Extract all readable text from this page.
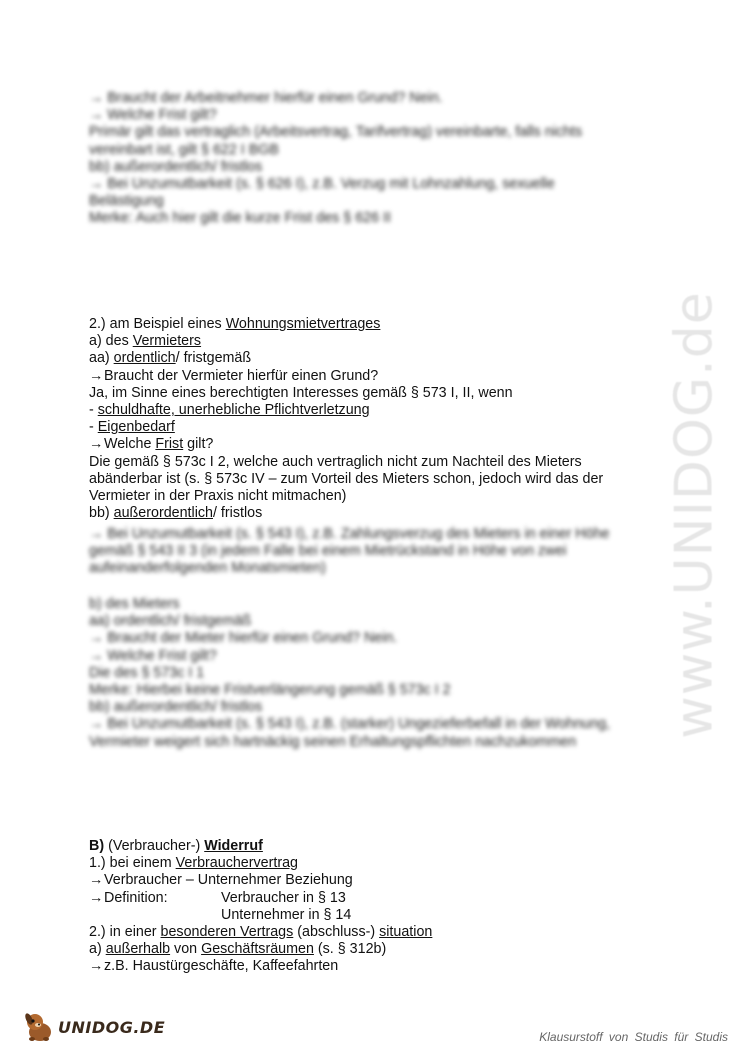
www.UNIDOG.de
→ Braucht der Arbeitnehmer hierfür einen Grund? Nein.
→ Welche Frist gilt?
Primär gilt das vertraglich (Arbeitsvertrag, Tarifvertrag) vereinbarte, falls nichts
vereinbart ist, gilt § 622 I BGB
bb) außerordentlich/ fristlos
→ Bei Unzumutbarkeit (s. § 626 I), z.B. Verzug mit Lohnzahlung, sexuelle
Belästigung
Merke: Auch hier gilt die kurze Frist des § 626 II
2.) am Beispiel eines Wohnungsmietvertrages
a) des Vermieters
aa) ordentlich/ fristgemäß
→Braucht der Vermieter hierfür einen Grund?
Ja, im Sinne eines berechtigten Interesses gemäß § 573 I, II, wenn
- schuldhafte, unerhebliche Pflichtverletzung
- Eigenbedarf
→Welche Frist gilt?
Die gemäß § 573c I 2, welche auch vertraglich nicht zum Nachteil des Mieters abänderbar ist (s. § 573c IV – zum Vorteil des Mieters schon, jedoch wird das der Vermieter in der Praxis nicht mitmachen)
bb) außerordentlich/ fristlos
→ Bei Unzumutbarkeit (s. § 543 I), z.B. Zahlungsverzug des Mieters in einer Höhe
gemäß § 543 II 3 (in jedem Falle bei einem Mietrückstand in Höhe von zwei
aufeinanderfolgenden Monatsmieten)
b) des Mieters
aa) ordentlich/ fristgemäß
→ Braucht der Mieter hierfür einen Grund? Nein.
→ Welche Frist gilt?
Die des § 573c I 1
Merke: Hierbei keine Fristverlängerung gemäß § 573c I 2
bb) außerordentlich/ fristlos
→ Bei Unzumutbarkeit (s. § 543 I), z.B. (starker) Ungezieferbefall in der Wohnung,
Vermieter weigert sich hartnäckig seinen Erhaltungspflichten nachzukommen
B) (Verbraucher-) Widerruf
1.) bei einem Verbrauchervertrag
→Verbraucher – Unternehmer Beziehung
→Definition:	Verbraucher in § 13
Unternehmer in § 14
2.) in einer besonderen Vertrags (abschluss-) situation
a) außerhalb von Geschäftsräumen (s. § 312b)
→z.B. Haustürgeschäfte, Kaffeefahrten
UNIDOG.DE
Klausurstoff von Studis für Studis
